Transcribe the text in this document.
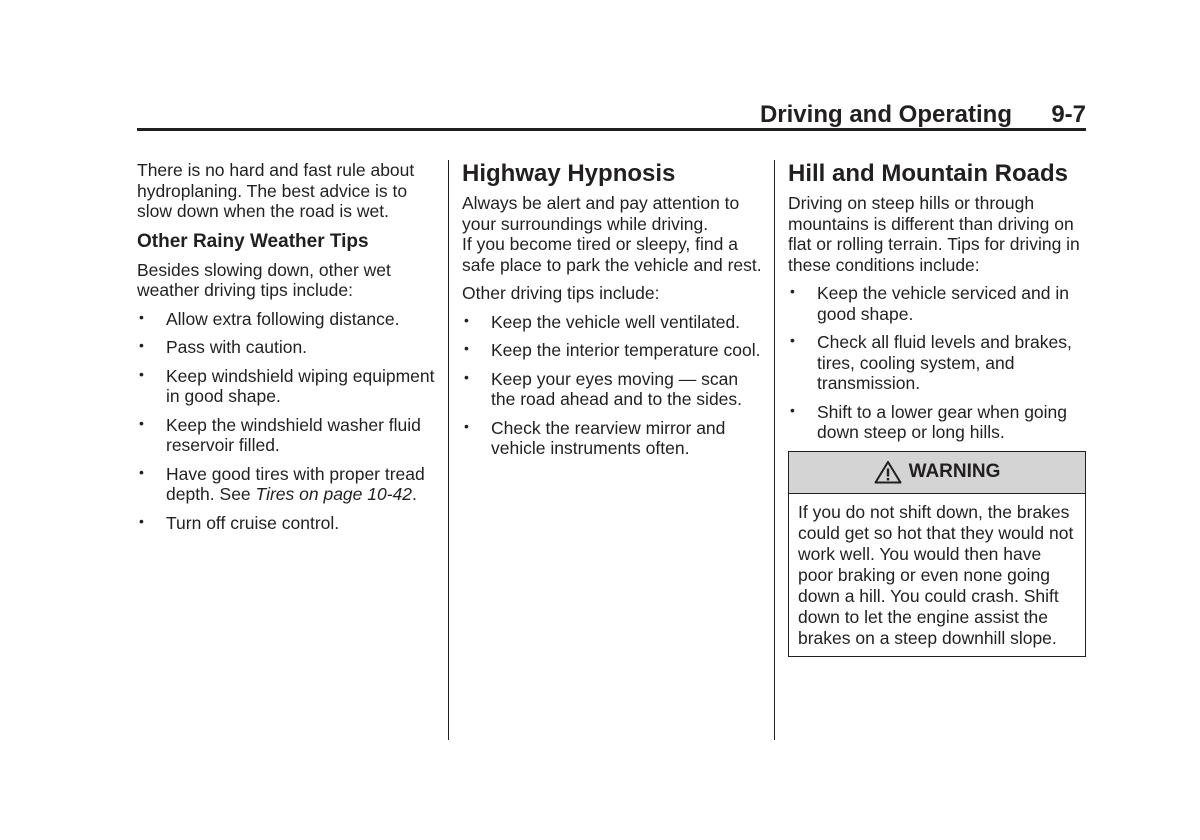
Driving and Operating 9-7

There is no hard and fast rule about hydroplaning. The best advice is to slow down when the road is wet.

Other Rainy Weather Tips

Besides slowing down, other wet weather driving tips include:

• Allow extra following distance.
• Pass with caution.
• Keep windshield wiping equipment in good shape.
• Keep the windshield washer fluid reservoir filled.
• Have good tires with proper tread depth. See Tires on page 10-42.
• Turn off cruise control.
Highway Hypnosis

Always be alert and pay attention to your surroundings while driving.

If you become tired or sleepy, find a safe place to park the vehicle and rest.

Other driving tips include:

• Keep the vehicle well ventilated.
• Keep the interior temperature cool.
• Keep your eyes moving — scan the road ahead and to the sides.
• Check the rearview mirror and vehicle instruments often.
Hill and Mountain Roads

Driving on steep hills or through mountains is different than driving on flat or rolling terrain. Tips for driving in these conditions include:

• Keep the vehicle serviced and in good shape.
• Check all fluid levels and brakes, tires, cooling system, and transmission.
• Shift to a lower gear when going down steep or long hills.
WARNING
If you do not shift down, the brakes could get so hot that they would not work well. You would then have poor braking or even none going down a hill. You could crash. Shift down to let the engine assist the brakes on a steep downhill slope.
